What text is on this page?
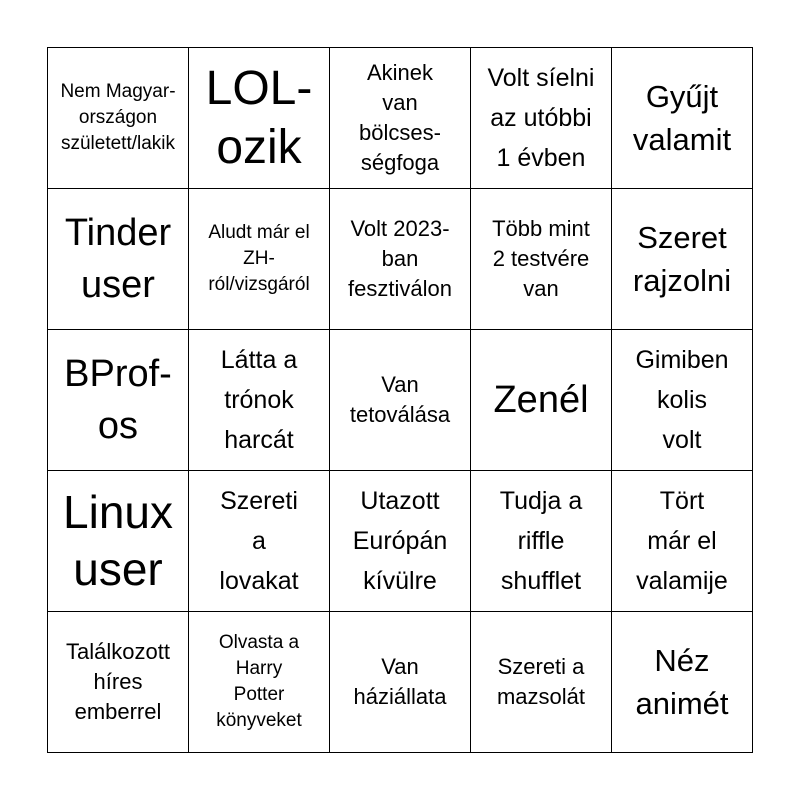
Nem Magyar-
országon
született/lakik
LOL-
ozik
Akinek
van
bölcses-
ségfoga
Volt síelni
az utóbbi
1 évben
Gyűjt
valamit
Tinder
user
Aludt már el
ZH-
ról/vizsgáról
Volt 2023-
ban
fesztiválon
Több mint
2 testvére
van
Szeret
rajzolni
BProf-
os
Látta a
trónok
harcát
Van
tetoválása	Zenél
Gimiben
kolis
volt
Linux
user
Szereti
a
lovakat
Utazott
Európán
kívülre
Tudja a
riffle
shufflet
Tört
már el
valamije
Találkozott
híres
emberrel
Olvasta a
Harry
Potter
könyveket
Van
háziállata
Szereti a
mazsolát
Néz
animét
